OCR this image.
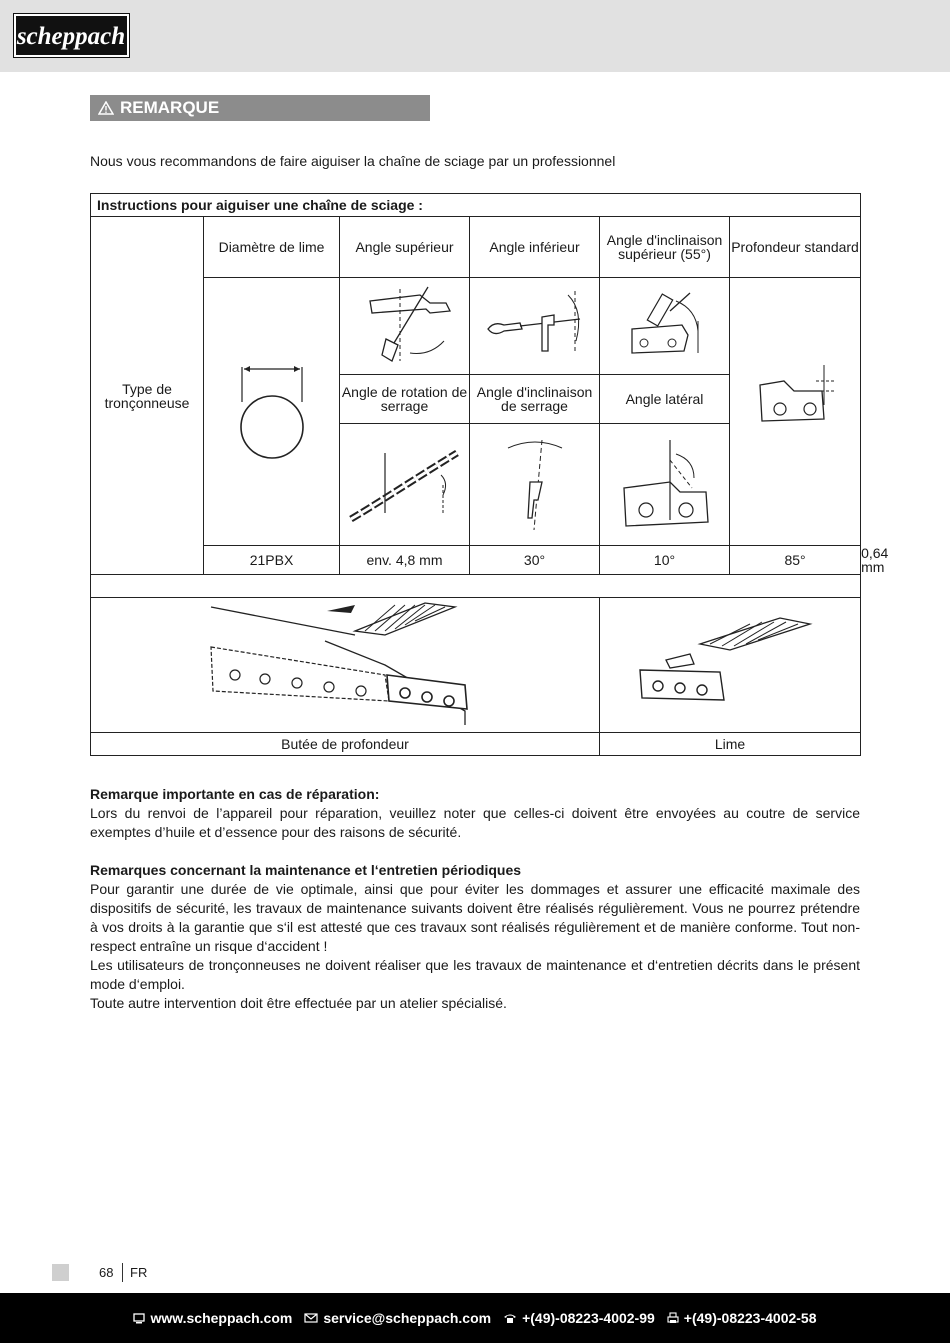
scheppach
REMARQUE
Nous vous recommandons de faire aiguiser la chaîne de sciage par un professionnel
Instructions pour aiguiser une chaîne de sciage :						
Type de tronçonneuse	Diamètre de lime	Angle supérieur	Angle inférieur	Angle d'inclinaison supérieur (55°)	Profondeur standard	

		Angle de rotation de serrage	Angle d'inclinaison de serrage	Angle latéral		

	21PBX	env. 4,8 mm	30°	10°	85°	0,64 mm

Butée de profondeur				Lime		
Remarque importante en cas de réparation:

Lors du renvoi de l’appareil pour réparation, veuillez noter que celles-ci doivent être envoyées au coutre de service exemptes d’huile et d’essence pour des raisons de sécurité.

Remarques concernant la maintenance et l‘entretien périodiques

Pour garantir une durée de vie optimale, ainsi que pour éviter les dommages et assurer une efficacité maximale des dispositifs de sécurité, les travaux de maintenance suivants doivent être réalisés régulièrement. Vous ne pourrez prétendre à vos droits à la garantie que s‘il est attesté que ces travaux sont réalisés régulièrement et de manière conforme. Tout non-respect entraîne un risque d‘accident !

Les utilisateurs de tronçonneuses ne doivent réaliser que les travaux de maintenance et d‘entretien décrits dans le présent mode d‘emploi.

Toute autre intervention doit être effectuée par un atelier spécialisé.

68 FR
www.scheppach.com service@scheppach.com +(49)-08223-4002-99 +(49)-08223-4002-58
